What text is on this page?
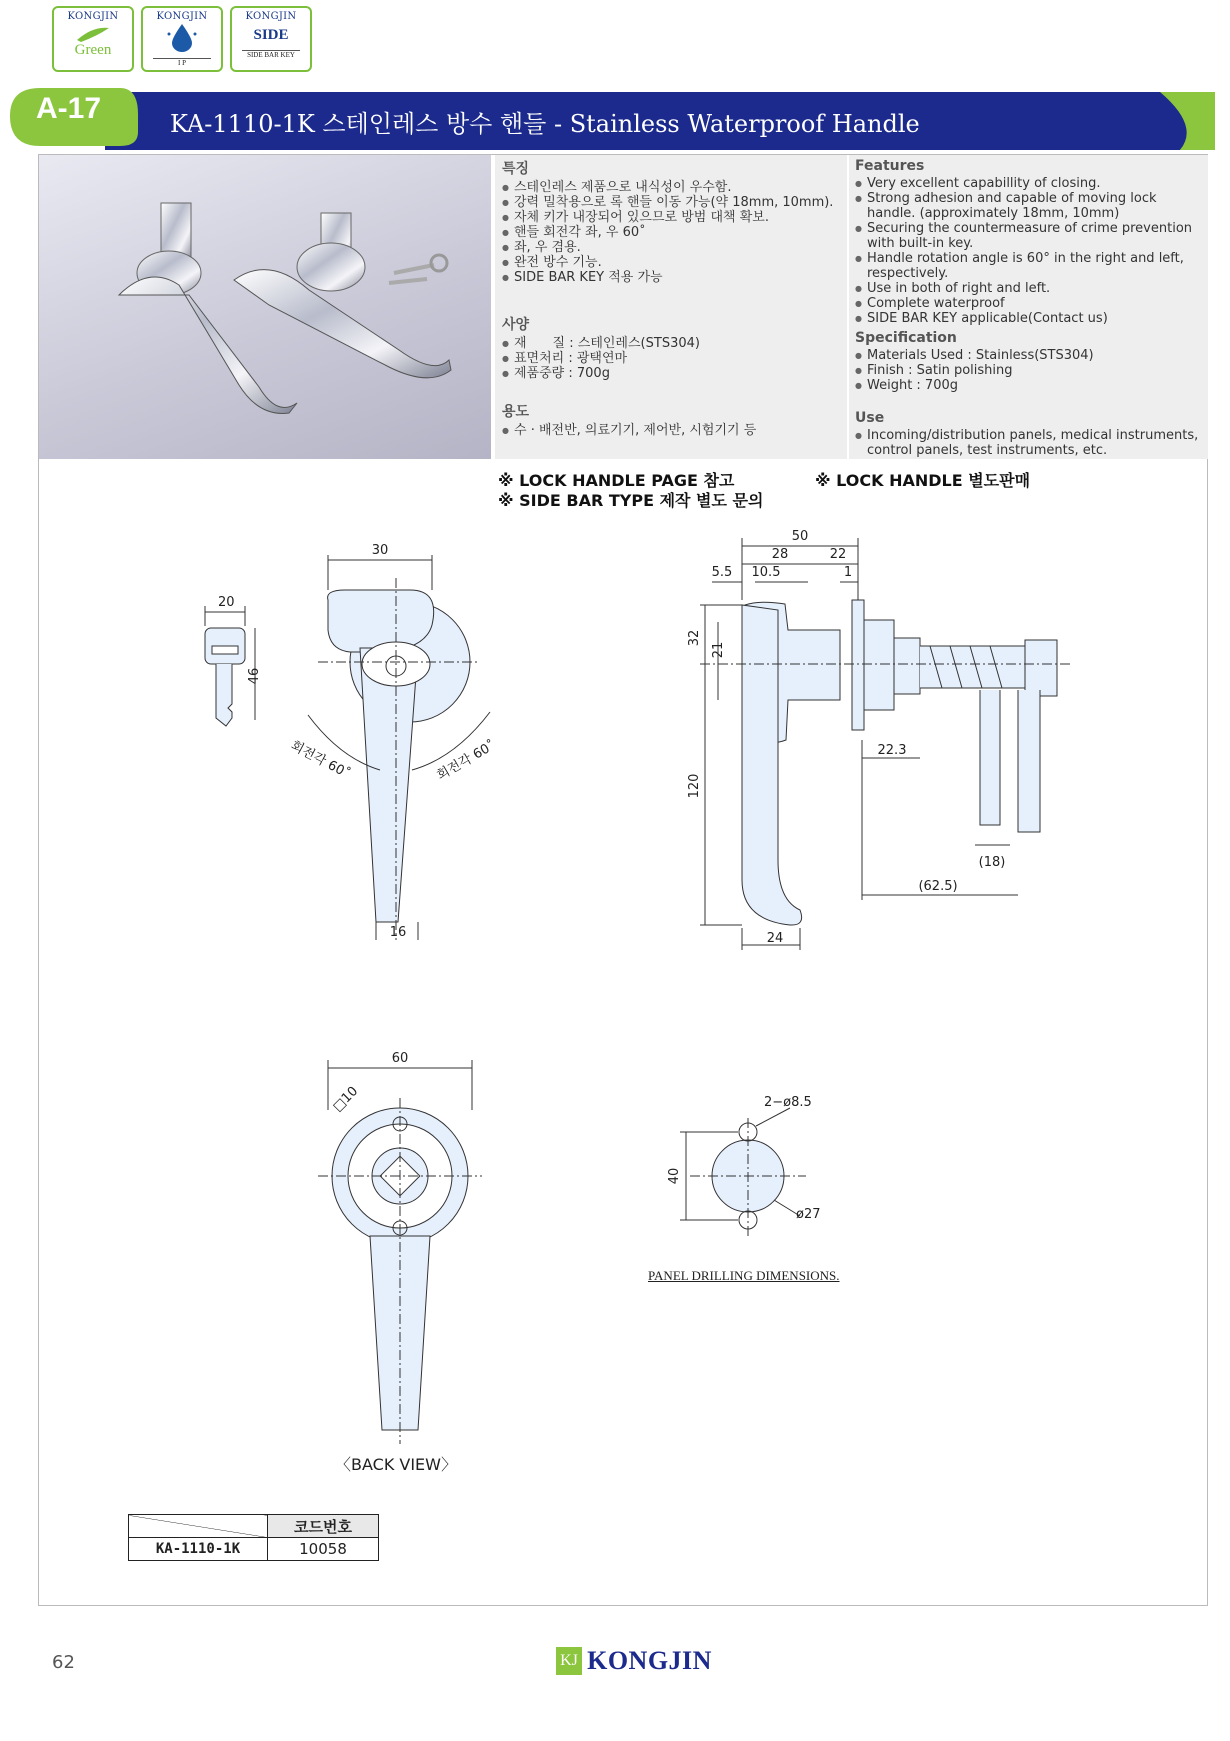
KONGJIN
Green
KONGJIN
I P
KONGJIN
SIDE
SIDE BAR KEY
A-17	KA-1110-1K 스테인레스 방수 핸들 - Stainless Waterproof Handle
특징
● 스테인레스 제품으로 내식성이 우수함.
● 강력 밀착용으로 록 핸들 이동 가능(약 18mm, 10mm).
● 자체 키가 내장되어 있으므로 방범 대책 확보.
● 핸들 회전각 좌, 우 60˚
● 좌, 우 겸용.
● 완전 방수 기능.
● SIDE BAR KEY 적용 가능
사양
● 재　　질 : 스테인레스(STS304)
● 표면처리 : 광택연마
● 제품중량 : 700g
용도
● 수 · 배전반, 의료기기, 제어반, 시험기기 등
Features
● Very excellent capabillity of closing.
● Strong adhesion and capable of moving lock handle. (approximately 18mm, 10mm)
● Securing the countermeasure of crime prevention with built-in key.
● Handle rotation angle is 60° in the right and left, respectively.
● Use in both of right and left.
● Complete waterproof
● SIDE BAR KEY applicable(Contact us)
Specification
● Materials Used : Stainless(STS304)
● Finish : Satin polishing
● Weight : 700g
Use
● Incoming/distribution panels, medical instruments, control panels, test instruments, etc.
※ LOCK HANDLE PAGE 참고
※ SIDE BAR TYPE 제작 별도 문의
※ LOCK HANDLE 별도판매
20
46
30
16
회전각 60˚	회전각 60˚
50
28	22
5.5 10.5	1
32
21
120
22.3
(18)
(62.5)
24
60
□10	2−ø8.5
40
ø27
〈BACK VIEW〉
PANEL DRILLING DIMENSIONS.
	코드번호
KA-1110-1K	10058
62	KJ KONGJIN
